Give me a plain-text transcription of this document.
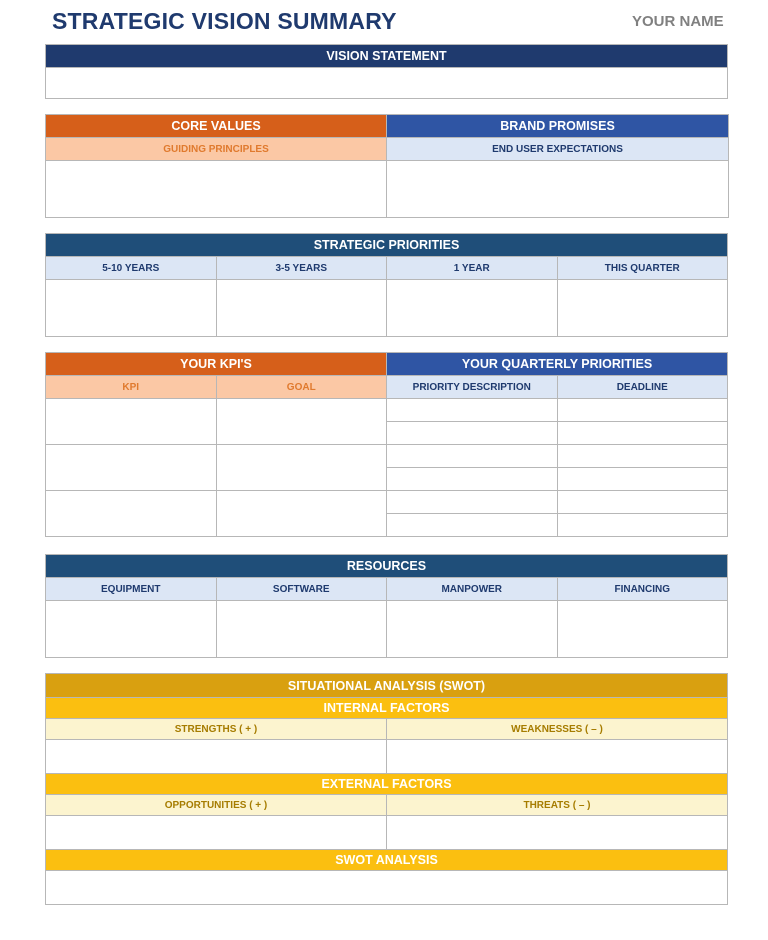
STRATEGIC VISION SUMMARY	YOUR NAME
VISION STATEMENT

CORE VALUES	BRAND PROMISES
GUIDING PRINCIPLES	END USER EXPECTATIONS

STRATEGIC PRIORITIES			
5-10 YEARS	3-5 YEARS	1 YEAR	THIS QUARTER

YOUR KPI'S		YOUR QUARTERLY PRIORITIES	
KPI	GOAL	PRIORITY DESCRIPTION	DEADLINE

RESOURCES			
EQUIPMENT	SOFTWARE	MANPOWER	FINANCING

SITUATIONAL ANALYSIS (SWOT)	
INTERNAL FACTORS	
STRENGTHS ( + )	WEAKNESSES ( – )

EXTERNAL FACTORS	
OPPORTUNITIES ( + )	THREATS ( – )

SWOT ANALYSIS	
